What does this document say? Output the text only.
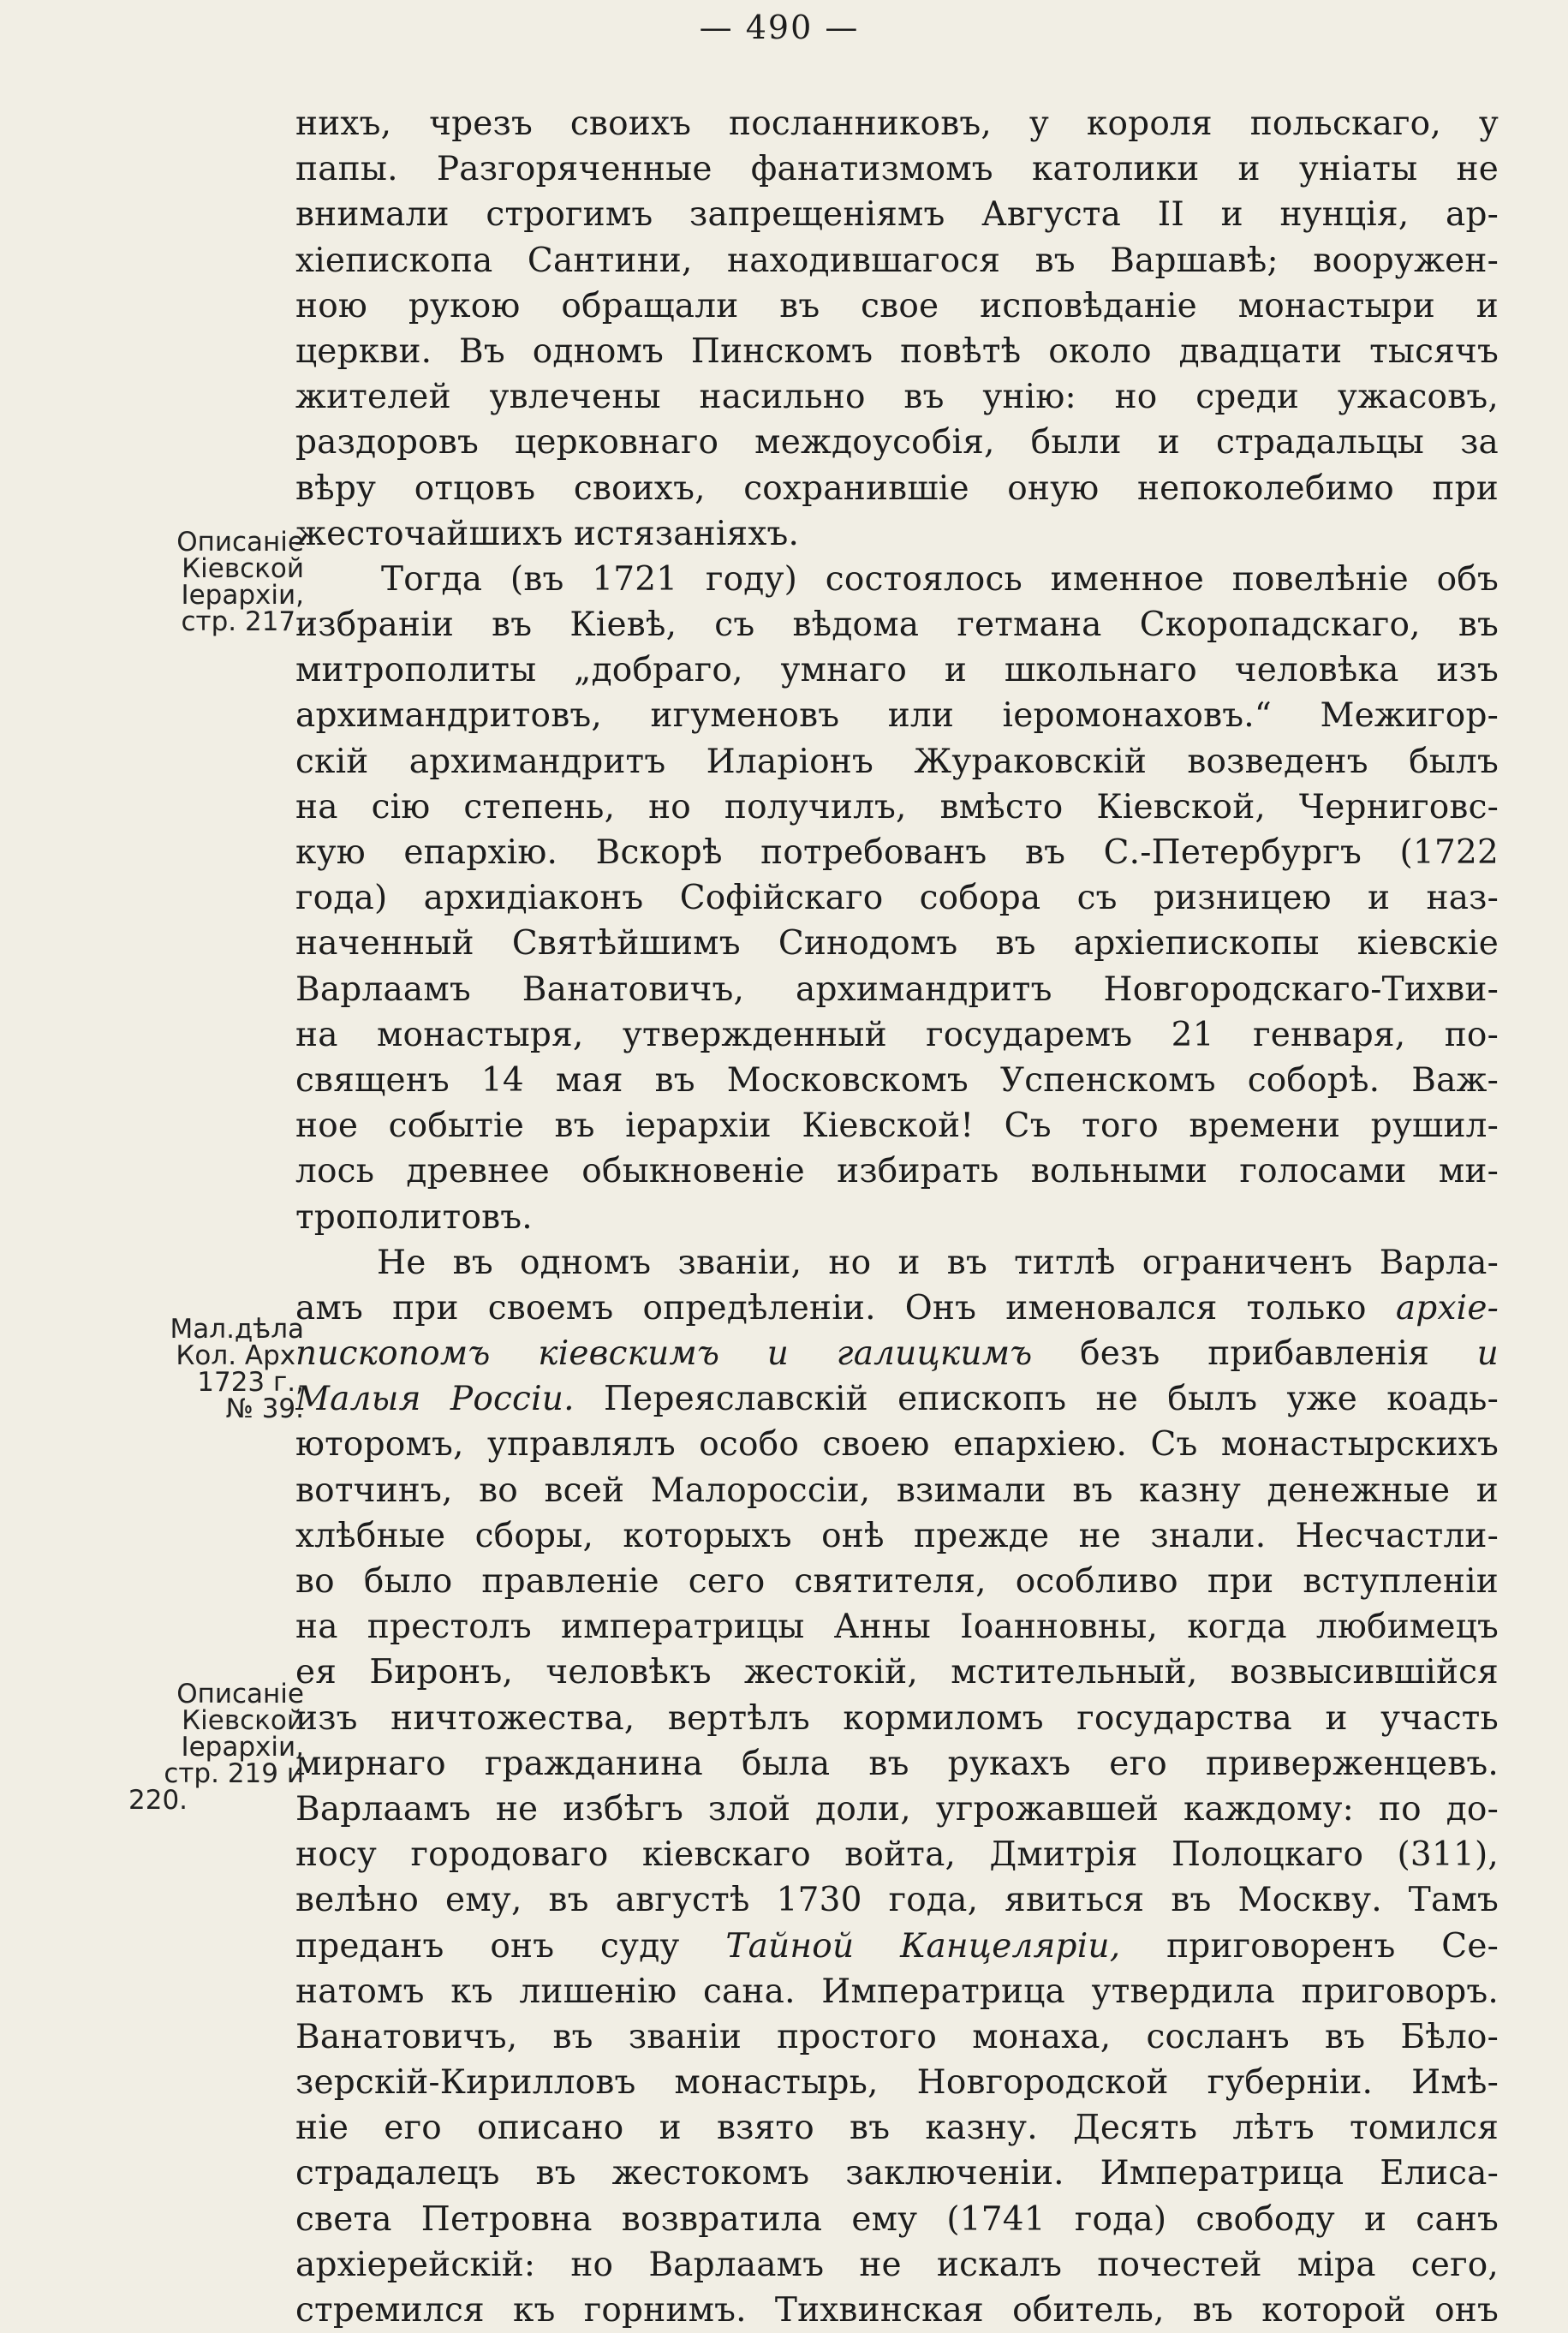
— 490 —
нихъ, чрезъ своихъ посланниковъ, у короля польскаго, у
папы. Разгоряченные фанатизмомъ католики и уніаты не
внимали строгимъ запрещеніямъ Августа II и нунція, ар-
хіепископа Сантини, находившагося въ Варшавѣ; вооружен-
ною рукою обращали въ свое исповѣданіе монастыри и
церкви. Въ одномъ Пинскомъ повѣтѣ около двадцати тысячъ
жителей увлечены насильно въ унію: но среди ужасовъ,
раздоровъ церковнаго междоусобія, были и страдальцы за
вѣру отцовъ своихъ, сохранившіе оную непоколебимо при
жесточайшихъ истязаніяхъ.
Тогда (въ 1721 году) состоялось именное повелѣніе объ
избраніи въ Кіевѣ, съ вѣдома гетмана Скоропадскаго, въ
митрополиты „добраго, умнаго и школьнаго человѣка изъ
архимандритовъ, игуменовъ или іеромонаховъ.“ Межигор-
скій архимандритъ Иларіонъ Жураковскій возведенъ былъ
на сію степень, но получилъ, вмѣсто Кіевской, Черниговс-
кую епархію. Вскорѣ потребованъ въ С.-Петербургъ (1722
года) архидіаконъ Софійскаго собора съ ризницею и наз-
наченный Святѣйшимъ Синодомъ въ архіепископы кіевскіе
Варлаамъ Ванатовичъ, архимандритъ Новгородскаго-Тихви-
на монастыря, утвержденный государемъ 21 генваря, по-
священъ 14 мая въ Московскомъ Успенскомъ соборѣ. Важ-
ное событіе въ іерархіи Кіевской! Съ того времени рушил-
лось древнее обыкновеніе избирать вольными голосами ми-
трополитовъ.
Не въ одномъ званіи, но и въ титлѣ ограниченъ Варла-
амъ при своемъ опредѣленіи. Онъ именовался только архіе-
пископомъ кіевскимъ и галицкимъ безъ прибавленія и
Малыя Россіи. Переяславскій епископъ не былъ уже коадь-
юторомъ, управлялъ особо своею епархіею. Съ монастырскихъ
вотчинъ, во всей Малороссіи, взимали въ казну денежные и
хлѣбные сборы, которыхъ онѣ прежде не знали. Несчастли-
во было правленіе сего святителя, особливо при вступленіи
на престолъ императрицы Анны Іоанновны, когда любимецъ
ея Биронъ, человѣкъ жестокій, мстительный, возвысившійся
изъ ничтожества, вертѣлъ кормиломъ государства и участь
мирнаго гражданина была въ рукахъ его приверженцевъ.
Варлаамъ не избѣгъ злой доли, угрожавшей каждому: по до-
носу городоваго кіевскаго войта, Дмитрія Полоцкаго (311),
велѣно ему, въ августѣ 1730 года, явиться въ Москву. Тамъ
преданъ онъ суду Тайной Канцеляріи, приговоренъ Се-
натомъ къ лишенію сана. Императрица утвердила приговоръ.
Ванатовичъ, въ званіи простого монаха, сосланъ въ Бѣло-
зерскій-Кирилловъ монастырь, Новгородской губерніи. Имѣ-
ніе его описано и взято въ казну. Десять лѣтъ томился
страдалецъ въ жестокомъ заключеніи. Императрица Елиса-
света Петровна возвратила ему (1741 года) свободу и санъ
архіерейскій: но Варлаамъ не искалъ почестей міра сего,
стремился къ горнимъ. Тихвинская обитель, въ которой онъ
Описаніе
Кіевской
Іерархіи,
стр. 217.
Мал.дѣла
Кол. Арх.
1723 г.,
№ 39.
Описаніе
Кіевской
Іерархіи,
стр. 219 и
220.
